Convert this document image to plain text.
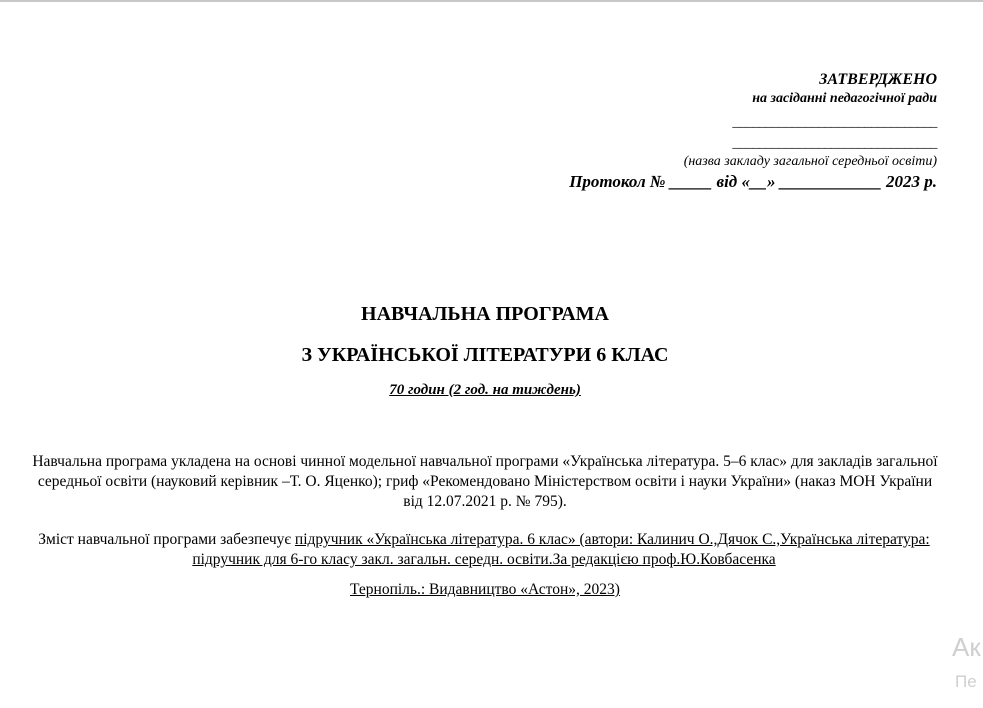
ЗАТВЕРДЖЕНО
на засіданні педагогічної ради
_______________________________
_______________________________
(назва закладу загальної середньої освіти)
Протокол № _____ від «__» ____________ 2023 р.
НАВЧАЛЬНА ПРОГРАМА
З УКРАЇНСЬКОЇ ЛІТЕРАТУРИ 6 КЛАС
70 годин (2 год. на тиждень)
Навчальна програма укладена на основі чинної модельної навчальної програми «Українська література. 5–6 клас» для закладів загальної середньої освіти (науковий керівник –Т. О. Яценко); гриф «Рекомендовано Міністерством освіти і науки України» (наказ МОН України від 12.07.2021 р. № 795).
Зміст навчальної програми забезпечує підручник «Українська література. 6 клас» (автори: Калинич О.,Дячок С.,Українська література: підручник для 6-го класу закл. загальн. середн. освіти.За редакцією проф.Ю.Ковбасенка
Тернопіль.: Видавництво «Астон», 2023)
Ак
Пе
